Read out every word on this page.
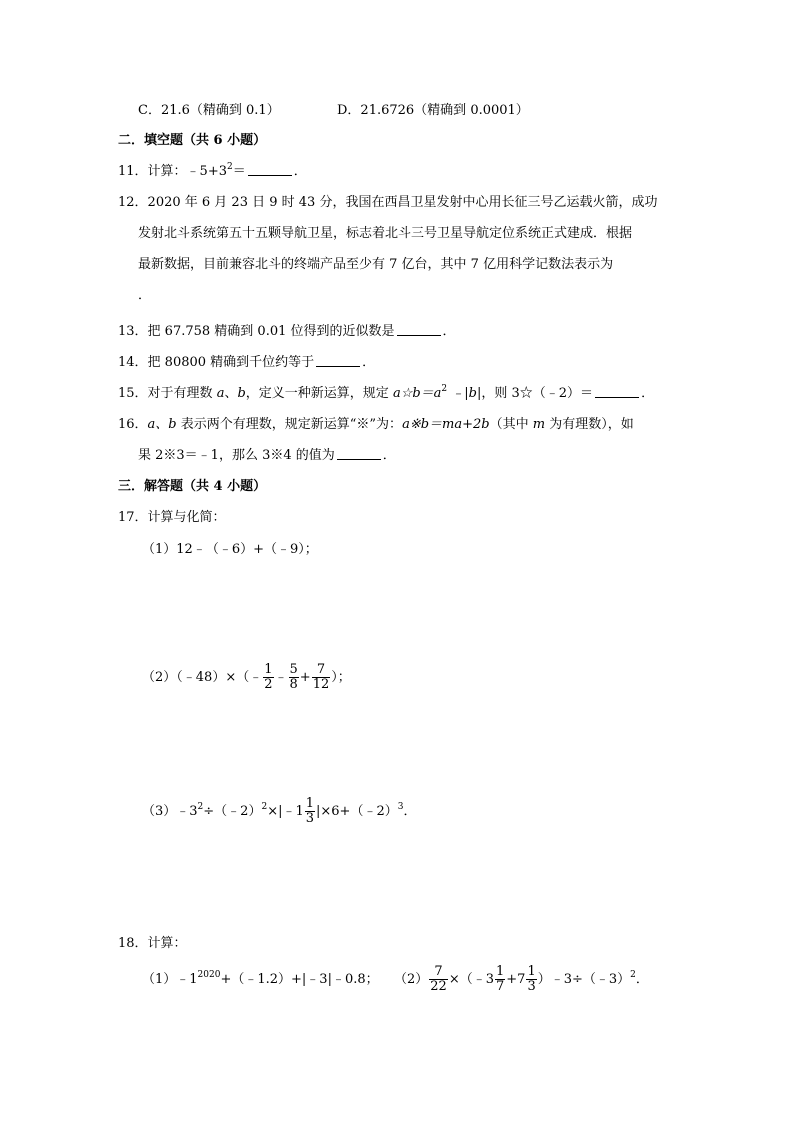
C．21.6（精确到 0.1）	D．21.6726（精确到 0.0001）
二．填空题（共 6 小题）
11．计算：$﹣5+3^2=$	．
12．2020 年 6 月 23 日 9 时 43 分，我国在西昌卫星发射中心用长征三号乙运载火箭，成功
发射北斗系统第五十五颗导航卫星，标志着北斗三号卫星导航定位系统正式建成．根据
最新数据，目前兼容北斗的终端产品至少有 7 亿台，其中 7 亿用科学记数法表示为
．
13．把 67.758 精确到 0.01 位得到的近似数是	．
14．把 80800 精确到千位约等于	．
15．对于有理数 a、b，定义一种新运算，规定 $a☆b=a^2$ ﹣|b|，则 3☆（﹣2）＝	．
16．a、b 表示两个有理数，规定新运算“※”为：a※b＝ma+2b（其中 m 为有理数），如
果 2※3＝﹣1，那么 3※4 的值为	．
三．解答题（共 4 小题）
17．计算与化简：
（1）12﹣（﹣6）+（﹣9）；
（2）（﹣48）×（﹣ $\frac{1}{2}$ ﹣ $\frac{5}{8} + \frac{7}{12}$ ）；
$(3)﹣3^2\div(﹣2)^2\times|﹣1 \frac{1}{3}$ |×6+（﹣2）$^3$．
18．计算：
$(1)﹣1^{2020}+(﹣1.2)+|﹣3|﹣0.8$； $(2) \frac{7}{22}$ ×（﹣3 $\frac{1}{7} +7 \frac{1}{3}$ ）﹣3÷（﹣3）$^2$．
